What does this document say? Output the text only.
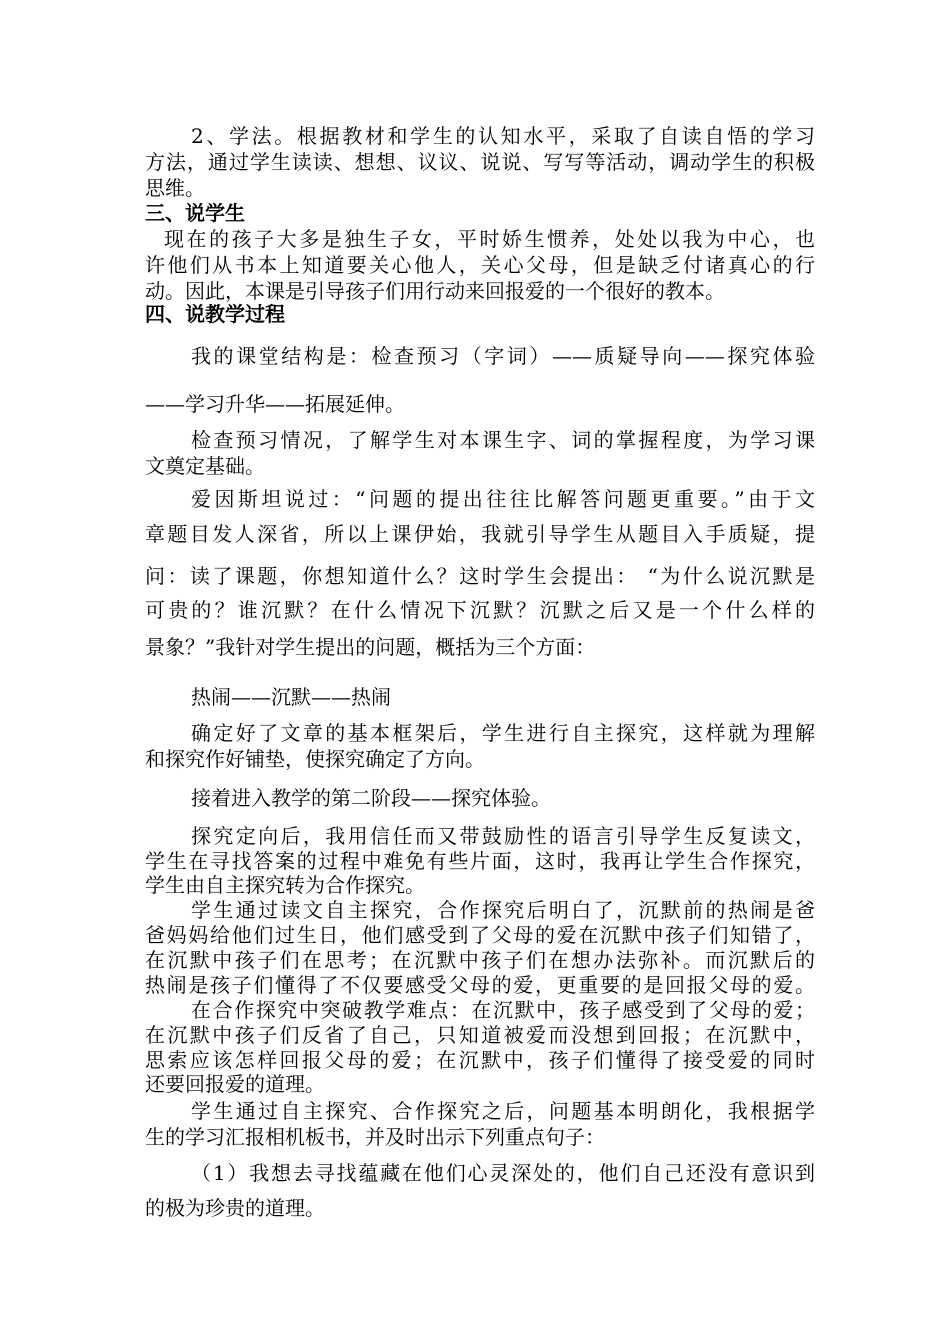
2、学法。根据教材和学生的认知水平，采取了自读自悟的学习
方法，通过学生读读、想想、议议、说说、写写等活动，调动学生的积极
思维。
三、说学生
现在的孩子大多是独生子女，平时娇生惯养，处处以我为中心，也
许他们从书本上知道要关心他人，关心父母，但是缺乏付诸真心的行
动。因此，本课是引导孩子们用行动来回报爱的一个很好的教本。
四、说教学过程
我的课堂结构是：检查预习（字词）——质疑导向——探究体验
——学习升华——拓展延伸。
检查预习情况，了解学生对本课生字、词的掌握程度，为学习课
文奠定基础。
爱因斯坦说过：“问题的提出往往比解答问题更重要。”由于文
章题目发人深省，所以上课伊始，我就引导学生从题目入手质疑，提
问：读了课题，你想知道什么？这时学生会提出： “为什么说沉默是
可贵的？谁沉默？在什么情况下沉默？沉默之后又是一个什么样的
景象？”我针对学生提出的问题，概括为三个方面：
热闹——沉默——热闹
确定好了文章的基本框架后，学生进行自主探究，这样就为理解
和探究作好铺垫，使探究确定了方向。
接着进入教学的第二阶段——探究体验。
探究定向后，我用信任而又带鼓励性的语言引导学生反复读文，
学生在寻找答案的过程中难免有些片面，这时，我再让学生合作探究，
学生由自主探究转为合作探究。
学生通过读文自主探究，合作探究后明白了，沉默前的热闹是爸
爸妈妈给他们过生日，他们感受到了父母的爱在沉默中孩子们知错了，
在沉默中孩子们在思考；在沉默中孩子们在想办法弥补。而沉默后的
热闹是孩子们懂得了不仅要感受父母的爱，更重要的是回报父母的爱。
在合作探究中突破教学难点：在沉默中，孩子感受到了父母的爱；
在沉默中孩子们反省了自己，只知道被爱而没想到回报；在沉默中，
思索应该怎样回报父母的爱；在沉默中，孩子们懂得了接受爱的同时
还要回报爱的道理。
学生通过自主探究、合作探究之后，问题基本明朗化，我根据学
生的学习汇报相机板书，并及时出示下列重点句子：
（1）我想去寻找蕴藏在他们心灵深处的，他们自己还没有意识到
的极为珍贵的道理。
